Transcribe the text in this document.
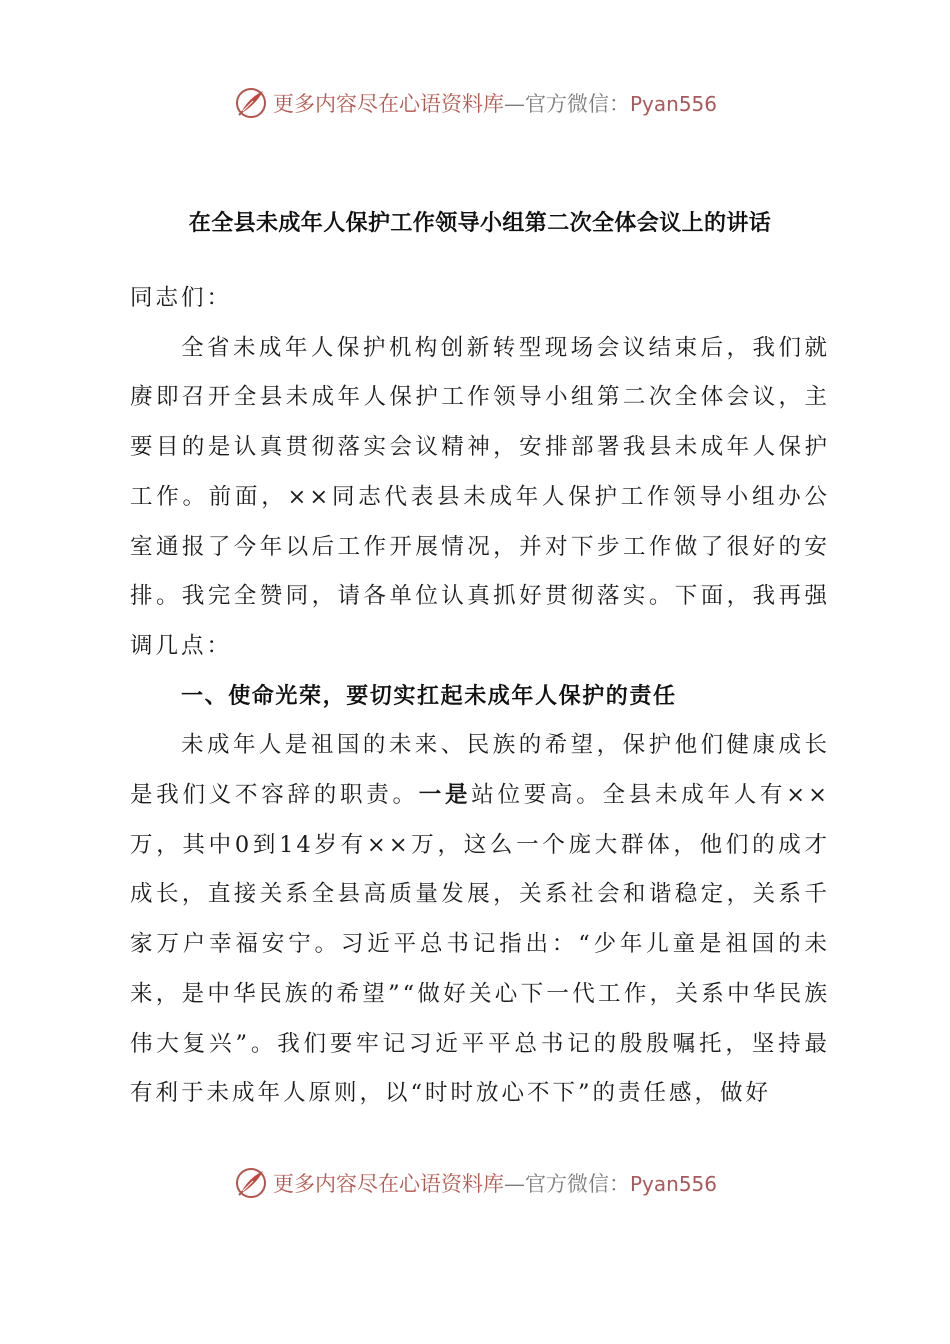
更多内容尽在心语资料库—官方微信：Pyan556
在全县未成年人保护工作领导小组第二次全体会议上的讲话

同志们：

全省未成年人保护机构创新转型现场会议结束后，我们就赓即召开全县未成年人保护工作领导小组第二次全体会议，主要目的是认真贯彻落实会议精神，安排部署我县未成年人保护工作。前面，××同志代表县未成年人保护工作领导小组办公室通报了今年以后工作开展情况，并对下步工作做了很好的安排。我完全赞同，请各单位认真抓好贯彻落实。下面，我再强调几点：

一、使命光荣，要切实扛起未成年人保护的责任

未成年人是祖国的未来、民族的希望，保护他们健康成长是我们义不容辞的职责。一是站位要高。全县未成年人有××万，其中0到14岁有××万，这么一个庞大群体，他们的成才成长，直接关系全县高质量发展，关系社会和谐稳定，关系千家万户幸福安宁。习近平总书记指出：“少年儿童是祖国的未来，是中华民族的希望”“做好关心下一代工作，关系中华民族伟大复兴”。我们要牢记习近平平总书记的殷殷嘱托，坚持最有利于未成年人原则，以“时时放心不下”的责任感，做好

更多内容尽在心语资料库—官方微信：Pyan556
